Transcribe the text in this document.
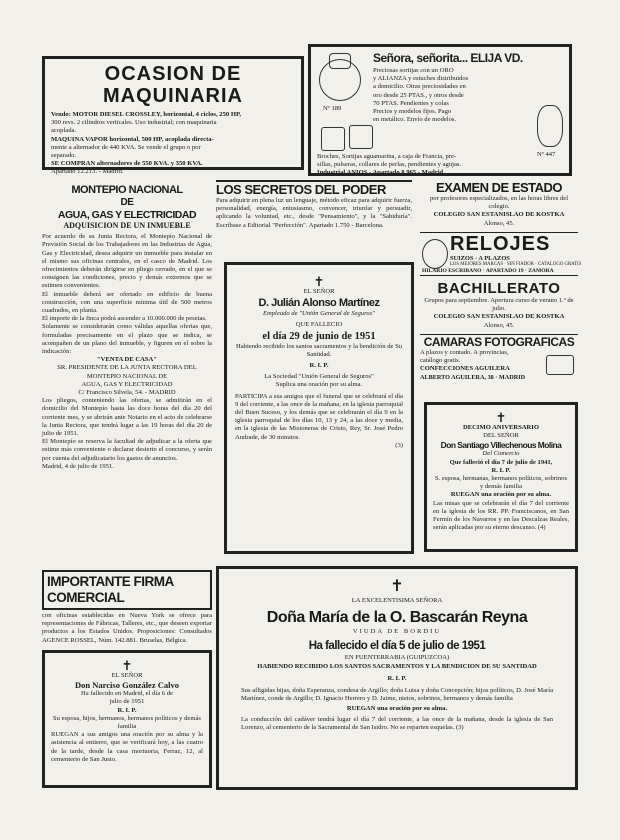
OCASION DE MAQUINARIA

Vendo: MOTOR DIESEL CROSSLEY, horizontal, 4 ciclos, 250 HP,

300 revs. 2 cilindros verticales. Uso industrial; con maquinaria

acoplada.

MAQUINA VAPOR horizontal, 500 HP, acoplada directa-

mente a alternador de 440 KVA. Se vende el grupo o por

separado.

SE COMPRAN alternadores de 550 KVA. y 350 KVA.

Apartado 12.213. - Madrid.

Señora, señorita... ELIJA VD.
Nº 189

Preciosas sortijas con un ORO

y ALIANZA y estuches distribuidos

a domicilio. Otras preciosidades en

oro desde 25 PTAS., y otros desde

70 PTAS. Pendientes y colas

Precios y modelos fijos. Pago

en metálico. Envío de modelos.

Nº 447

Broches, Sortijas aguamarina, a caja de Francia, pre-

sillas, pulseras, collares de perlas, pendientes y agujas.

Industrial ANIOS - Apartado 8.965 - Madrid.

MONTEPIO NACIONAL
DE
AGUA, GAS Y ELECTRICIDAD
ADQUISICION DE UN INMUEBLE

Por acuerdo de su Junta Rectora, el Montepío Nacional de Previsión Social de los Trabajadores en las Industrias de Agua, Gas y Electricidad, desea adquirir un inmueble para instalar en el mismo sus oficinas centrales, en el casco de Madrid. Los ofrecimientos deberán dirigirse en pliego cerrado, en el que se consignen las condiciones, precio y demás extremos que se estimen convenientes.

El inmueble deberá ser ofertado en edificio de buena construcción, con una superficie mínima útil de 500 metros cuadrados, en planta.

El importe de la finca podrá ascender a 10.000.000 de pesetas.

Solamente se considerarán como válidas aquellas ofertas que, formuladas precisamente en el plazo que se indica, se acompañen de un plano del inmueble, y figuren en el sobre la indicación:

"VENTA DE CASA"

SR. PRESIDENTE DE LA JUNTA RECTORA DEL MONTEPIO NACIONAL DE

AGUA, GAS Y ELECTRICIDAD

C/ Francisco Silvela, 54. - MADRID

Los pliegos, conteniendo las ofertas, se admitirán en el domicilio del Montepío hasta las doce horas del día 20 del corriente mes, y se abrirán ante Notario en el acto de celebrarse la Junta Rectora, que tendrá lugar a las 19 horas del día 20 de julio de 1951.

El Montepío se reserva la facultad de adjudicar a la oferta que estime más conveniente o declarar desierto el concurso, y serán por cuenta del adjudicatario los gastos de anuncios.

Madrid, 4 de julio de 1951.

IMPORTANTE FIRMA COMERCIAL

con oficinas establecidas en Nueva York se ofrece para representaciones de Fábricas, Talleres, etc., que deseen exportar productos a los Estados Unidos. Proposiciones: Consultados AGENCE ROSSEL, Núm. 142.881. Bruselas, Bélgica.

✝

EL SEÑOR

Don Narciso González Calvo

Ha fallecido en Madrid, el día 6 de

julio de 1951

R. I. P.

Su esposa, hijos, hermanos, hermanos políticos y demás familia

RUEGAN a sus amigos una oración por su alma y la asistencia al entierro, que se verificará hoy, a las cuatro de la tarde, desde la casa mortuoria, Ferraz, 12, al cementerio de San Justo.

LOS SECRETOS DEL PODER

Para adquirir en plena luz un lenguaje, método eficaz para adquirir fuerza, personalidad, energía, entusiasmo, convencer, triunfar y persuadir, aplicando la voluntad, etc., desde "Pensamiento", y la "Sabiduría". Escríbase a Editorial "Perfección". Apartado 1.750 - Barcelona.

✝

EL SEÑOR

D. Julián Alonso Martínez

Empleado de "Unión General de Seguros"

QUE FALLECIO

el día 29 de junio de 1951

Habiendo recibido los santos sacramentos y la bendición de Su Santidad.

R. I. P.

La Sociedad "Unión General de Seguros"

Suplica una oración por su alma.

PARTICIPA a sus amigos que el funeral que se celebrará el día 9 del corriente, a las once de la mañana, en la iglesia parroquial del Buen Suceso, y los demás que se celebrarán el día 9 en la iglesia parroquial de los días 10, 13 y 24, a las doce y media, en la iglesia de las Misioneras de Cristo, Rey, Sr. José Pedro Andrade, de 30 minutos.

(3)

EXAMEN DE ESTADO

por profesores especializados, en las horas libres del colegio.

COLEGIO SAN ESTANISLAO DE KOSTKA

Alonso, 45.

RELOJES
SUIZOS · A PLAZOS
LOS MEJORES MARCAS · SIN FIADOR · CATALOGO GRATIS
HILARIO ESCRIBANO · APARTADO 19 · ZAMORA
BACHILLERATO

Grupos para septiembre. Apertura curso de verano 1.º de julio.

COLEGIO SAN ESTANISLAO DE KOSTKA

Alonso, 45.

CAMARAS FOTOGRAFICAS

A plazos y contado. A provincias, catálogo gratis.

CONFECCIONES AGUILERA

ALBERTO AGUILERA, 38 · MADRID

✝

DECIMO ANIVERSARIO

DEL SEÑOR

Don Santiago Villechenous Molina

Del Comercio

Que falleció el día 7 de julio de 1941,

R. I. P.

S. esposa, hermanas, hermanos políticos, sobrinos y demás familia

RUEGAN una oración por su alma.

Las misas que se celebrarán el día 7 del corriente en la iglesia de los RR. PP. Franciscanos, en San Fermín de los Navarros y en las Descalzas Reales, serán aplicadas por su eterno descanso. (4)

✝

LA EXCELENTISIMA SEÑORA

Doña María de la O. Bascarán Reyna

VIUDA DE BORDIU

Ha fallecido el día 5 de julio de 1951

EN FUENTERRABIA (GUIPUZCOA)

HABIENDO RECIBIDO LOS SANTOS SACRAMENTOS Y LA BENDICION DE SU SANTIDAD

R. I. P.

Sus afligidas hijas, doña Esperanza, condesa de Argillo; doña Luisa y doña Concepción; hijos políticos, D. José María Martínez, conde de Argillo; D. Ignacio Herrero y D. Jaime, nietos, sobrinos, hermanos y demás familia

RUEGAN una oración por su alma.

La conducción del cadáver tendrá lugar el día 7 del corriente, a las once de la mañana, desde la iglesia de San Lorenzo, al cementerio de la Sacramental de San Isidro. No se reparten esquelas. (3)
